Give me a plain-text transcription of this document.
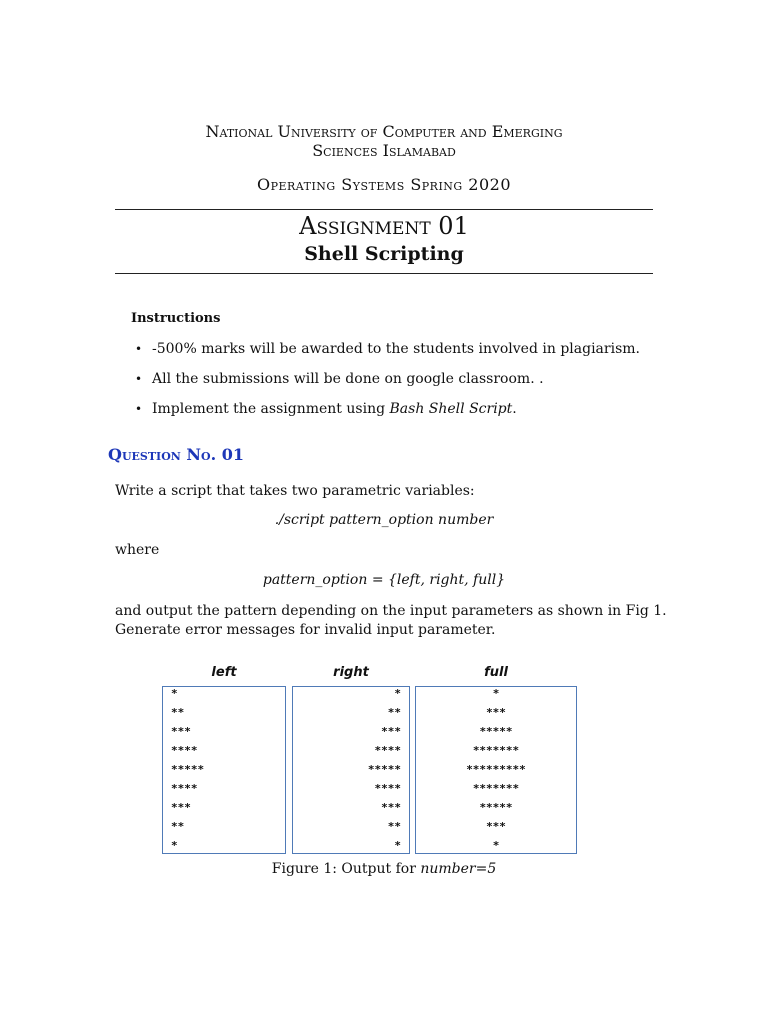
National University of Computer and Emerging
Sciences Islamabad
Operating Systems Spring 2020
Assignment 01
Shell Scripting
Instructions
• -500% marks will be awarded to the students involved in plagiarism.
• All the submissions will be done on google classroom. .
• Implement the assignment using Bash Shell Script.
Question No. 01
Write a script that takes two parametric variables:
./script pattern_option number
where
pattern_option = {left, right, full}
and output the pattern depending on the input parameters as shown in Fig 1.
Generate error messages for invalid input parameter.
left	right	full
*
**
***
****
*****
****
***
**
*
*
**
***
****
*****
****
***
**
*
*
***
*****
*******
*********
*******
*****
***
*
Figure 1: Output for number=5
